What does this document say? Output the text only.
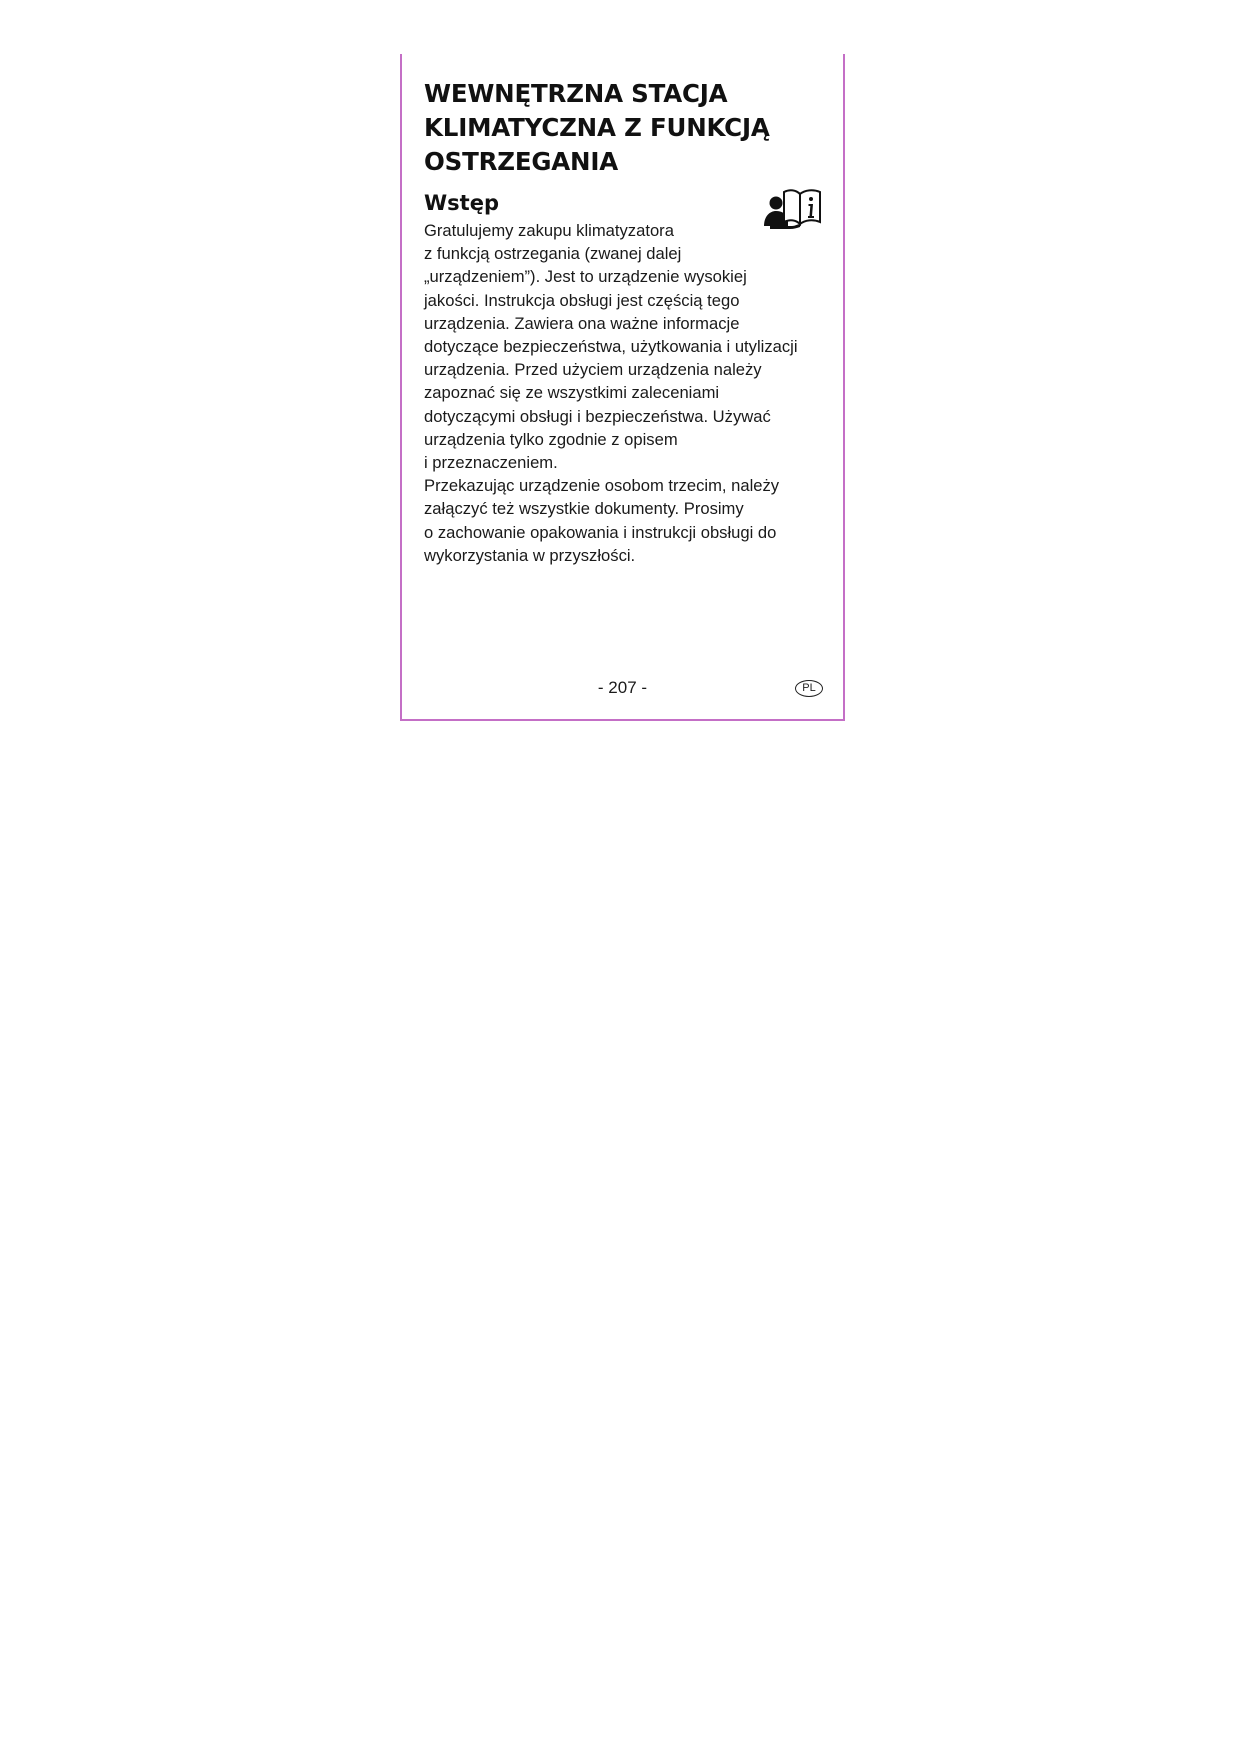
WEWNĘTRZNA STACJA
KLIMATYCZNA Z FUNKCJĄ
OSTRZEGANIA
Wstęp
Gratulujemy zakupu klimatyzatora
z funkcją ostrzegania (zwanej dalej
„urządzeniem”). Jest to urządzenie wysokiej
jakości. Instrukcja obsługi jest częścią tego
urządzenia. Zawiera ona ważne informacje
dotyczące bezpieczeństwa, użytkowania i utylizacji
urządzenia. Przed użyciem urządzenia należy
zapoznać się ze wszystkimi zaleceniami
dotyczącymi obsługi i bezpieczeństwa. Używać
urządzenia tylko zgodnie z opisem
i przeznaczeniem.
Przekazując urządzenie osobom trzecim, należy
załączyć też wszystkie dokumenty. Prosimy
o zachowanie opakowania i instrukcji obsługi do
wykorzystania w przyszłości.
- 207 -	PL
